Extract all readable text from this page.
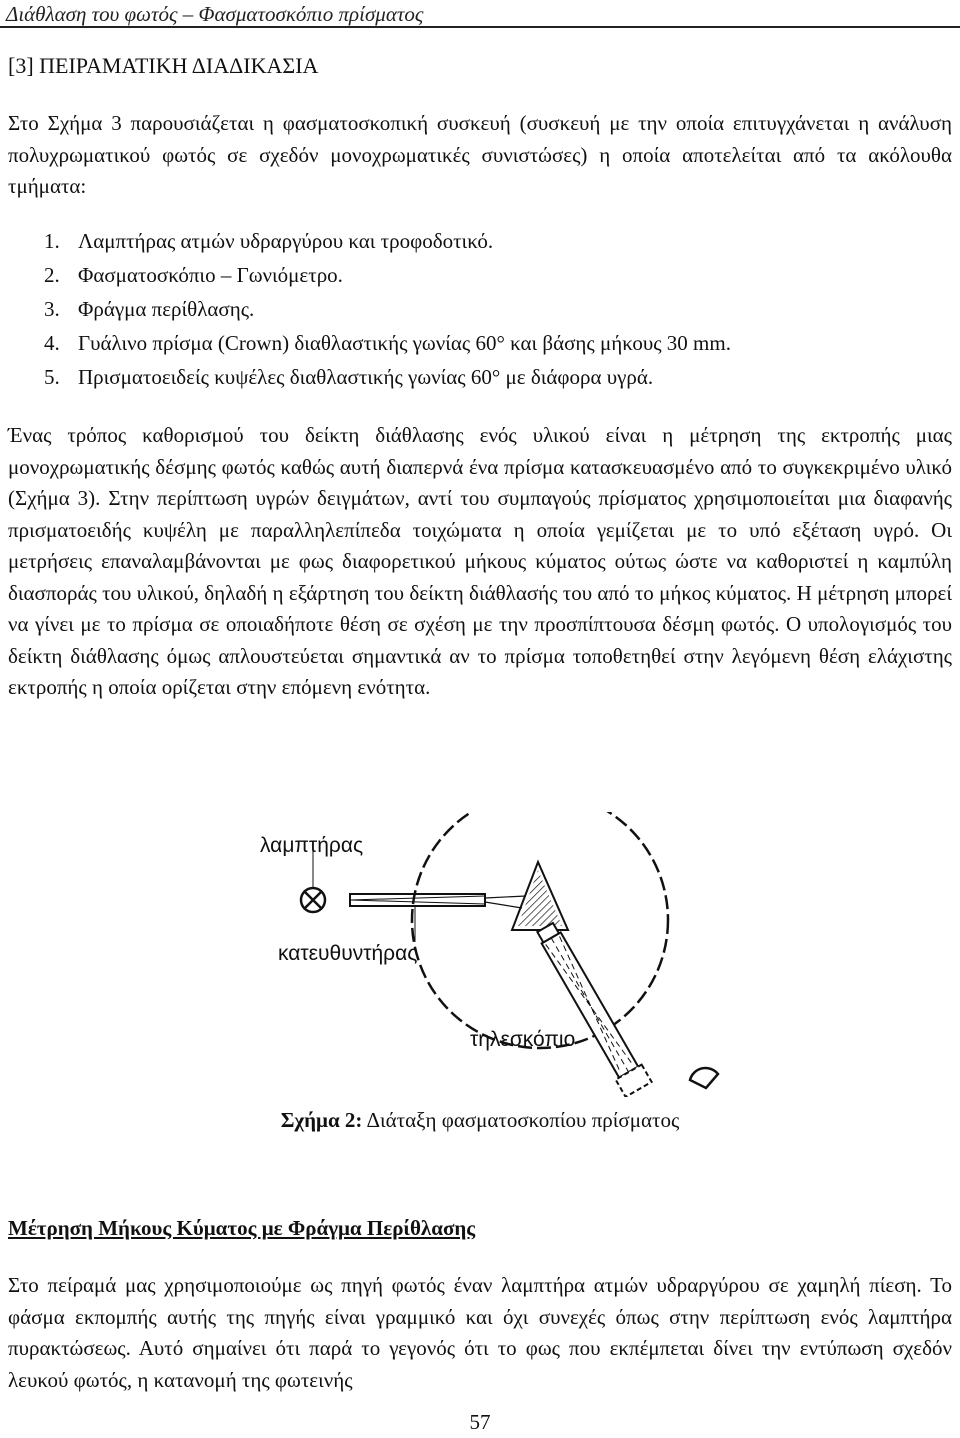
Διάθλαση του φωτός – Φασματοσκόπιο πρίσματος
[3] ΠΕΙΡΑΜΑΤΙΚΗ ΔΙΑΔΙΚΑΣΙΑ

Στο Σχήμα 3 παρουσιάζεται η φασματοσκοπική συσκευή (συσκευή με την οποία επιτυγχάνεται η ανάλυση πολυχρωματικού φωτός σε σχεδόν μονοχρωματικές συνιστώσες) η οποία αποτελείται από τα ακόλουθα τμήματα:

1. Λαμπτήρας ατμών υδραργύρου και τροφοδοτικό.
2. Φασματοσκόπιο – Γωνιόμετρο.
3. Φράγμα περίθλασης.
4. Γυάλινο πρίσμα (Crown) διαθλαστικής γωνίας 60° και βάσης μήκους 30 mm.
5. Πρισματοειδείς κυψέλες διαθλαστικής γωνίας 60° με διάφορα υγρά.

Ένας τρόπος καθορισμού του δείκτη διάθλασης ενός υλικού είναι η μέτρηση της εκτροπής μιας μονοχρωματικής δέσμης φωτός καθώς αυτή διαπερνά ένα πρίσμα κατασκευασμένο από το συγκεκριμένο υλικό (Σχήμα 3). Στην περίπτωση υγρών δειγμάτων, αντί του συμπαγούς πρίσματος χρησιμοποιείται μια διαφανής πρισματοειδής κυψέλη με παραλληλεπίπεδα τοιχώματα η οποία γεμίζεται με το υπό εξέταση υγρό. Οι μετρήσεις επαναλαμβάνονται με φως διαφορετικού μήκους κύματος ούτως ώστε να καθοριστεί η καμπύλη διασποράς του υλικού, δηλαδή η εξάρτηση του δείκτη διάθλασής του από το μήκος κύματος. Η μέτρηση μπορεί να γίνει με το πρίσμα σε οποιαδήποτε θέση σε σχέση με την προσπίπτουσα δέσμη φωτός. Ο υπολογισμός του δείκτη διάθλασης όμως απλουστεύεται σημαντικά αν το πρίσμα τοποθετηθεί στην λεγόμενη θέση ελάχιστης εκτροπής η οποία ορίζεται στην επόμενη ενότητα.

λαμπτήρας
κατευθυντήρας
τηλεσκόπιο
Σχήμα 2: Διάταξη φασματοσκοπίου πρίσματος
Μέτρηση Μήκους Κύματος με Φράγμα Περίθλασης

Στο πείραμά μας χρησιμοποιούμε ως πηγή φωτός έναν λαμπτήρα ατμών υδραργύρου σε χαμηλή πίεση. Το φάσμα εκπομπής αυτής της πηγής είναι γραμμικό και όχι συνεχές όπως στην περίπτωση ενός λαμπτήρα πυρακτώσεως. Αυτό σημαίνει ότι παρά το γεγονός ότι το φως που εκπέμπεται δίνει την εντύπωση σχεδόν λευκού φωτός, η κατανομή της φωτεινής

57
